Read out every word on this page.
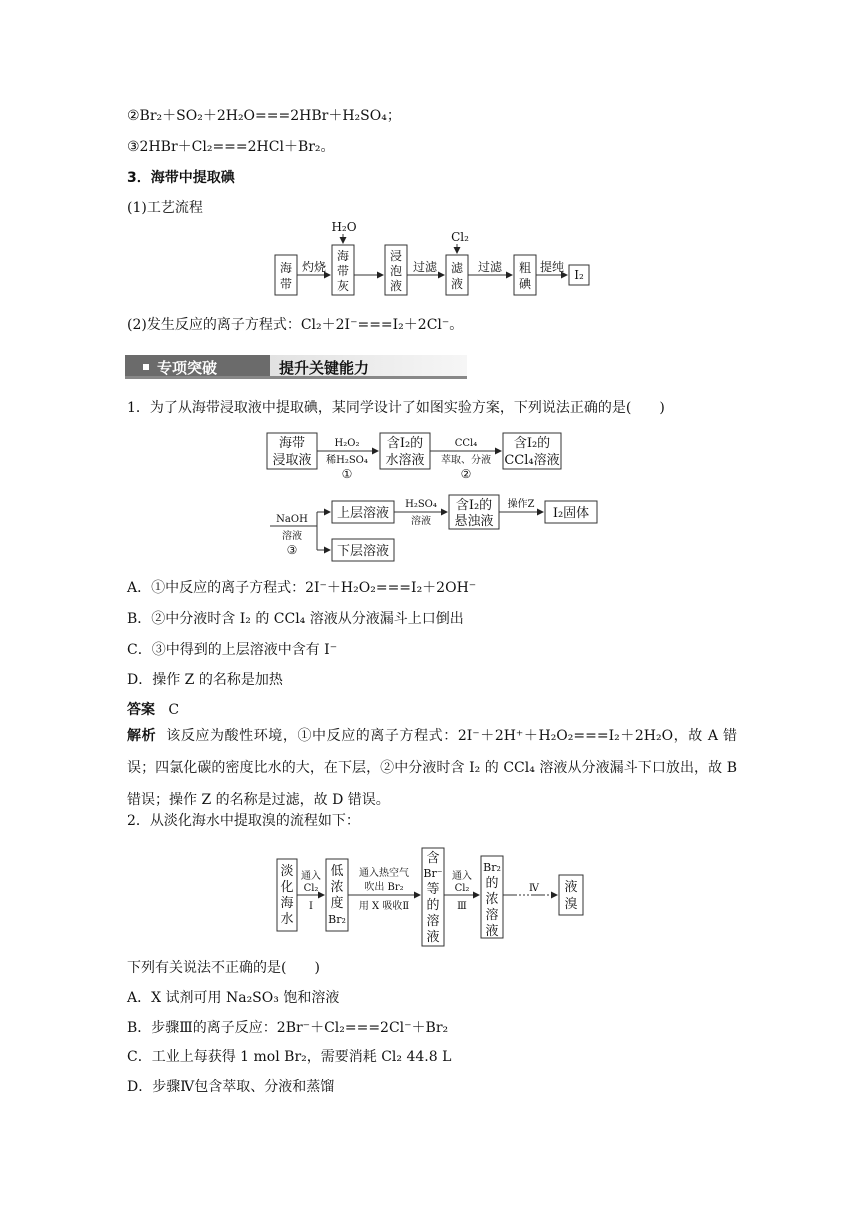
②Br₂＋SO₂＋2H₂O===2HBr＋H₂SO₄；
③2HBr＋Cl₂===2HCl＋Br₂。
3．海带中提取碘
(1)工艺流程
海
带
海
带
灰
浸
泡
液
滤
液
粗
碘
I₂
灼烧	过滤	过滤	提纯
H₂O
Cl₂
(2)发生反应的离子方程式：Cl₂＋2I⁻===I₂＋2Cl⁻。
专项突破	提升关键能力
1．为了从海带浸取液中提取碘，某同学设计了如图实验方案，下列说法正确的是(　　)
海带
浸取液
H₂O₂
稀H₂SO₄
①
含I₂的
水溶液
CCl₄
萃取、分液
②
含I₂的
CCl₄溶液
NaOH
溶液
③
上层溶液
下层溶液
H₂SO₄
溶液
含I₂的
悬浊液
操作Z
I₂固体
A．①中反应的离子方程式：2I⁻＋H₂O₂===I₂＋2OH⁻
B．②中分液时含 I₂ 的 CCl₄ 溶液从分液漏斗上口倒出
C．③中得到的上层溶液中含有 I⁻
D．操作 Z 的名称是加热
答案 C
解析 该反应为酸性环境，①中反应的离子方程式：2I⁻＋2H⁺＋H₂O₂===I₂＋2H₂O，故 A 错误；四氯化碳的密度比水的大，在下层，②中分液时含 I₂ 的 CCl₄ 溶液从分液漏斗下口放出，故 B 错误；操作 Z 的名称是过滤，故 D 错误。
2．从淡化海水中提取溴的流程如下：
淡
化
海
水
通入
Cl₂
Ⅰ
低
浓
度
Br₂
通入热空气
吹出 Br₂
用 X 吸收Ⅱ
含
Br⁻
等
的
溶
液
通入
Cl₂
Ⅲ
Br₂
的
浓
溶
液
Ⅳ 液
溴
下列有关说法不正确的是(　　)
A．X 试剂可用 Na₂SO₃ 饱和溶液
B．步骤Ⅲ的离子反应：2Br⁻＋Cl₂===2Cl⁻＋Br₂
C．工业上每获得 1 mol Br₂，需要消耗 Cl₂ 44.8 L
D．步骤Ⅳ包含萃取、分液和蒸馏
